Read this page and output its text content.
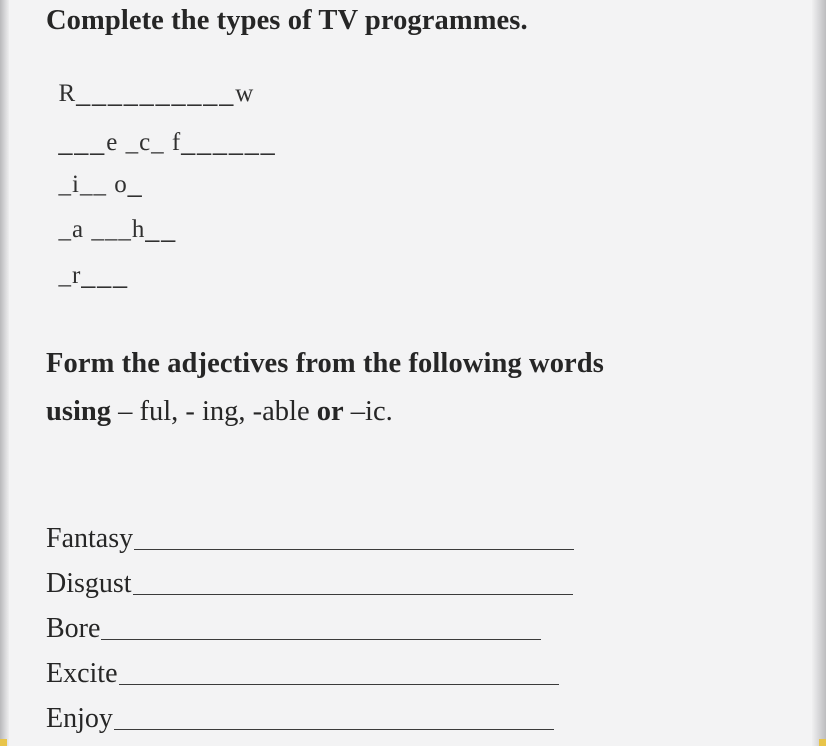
Complete the types of TV programmes.

R__________w

___e _c_ f______

_i__ o_

_a ___h__

_r___

Form the adjectives from the following words
using – ful, - ing, -able or –ic.
Fantasy
Disgust
Bore
Excite
Enjoy
